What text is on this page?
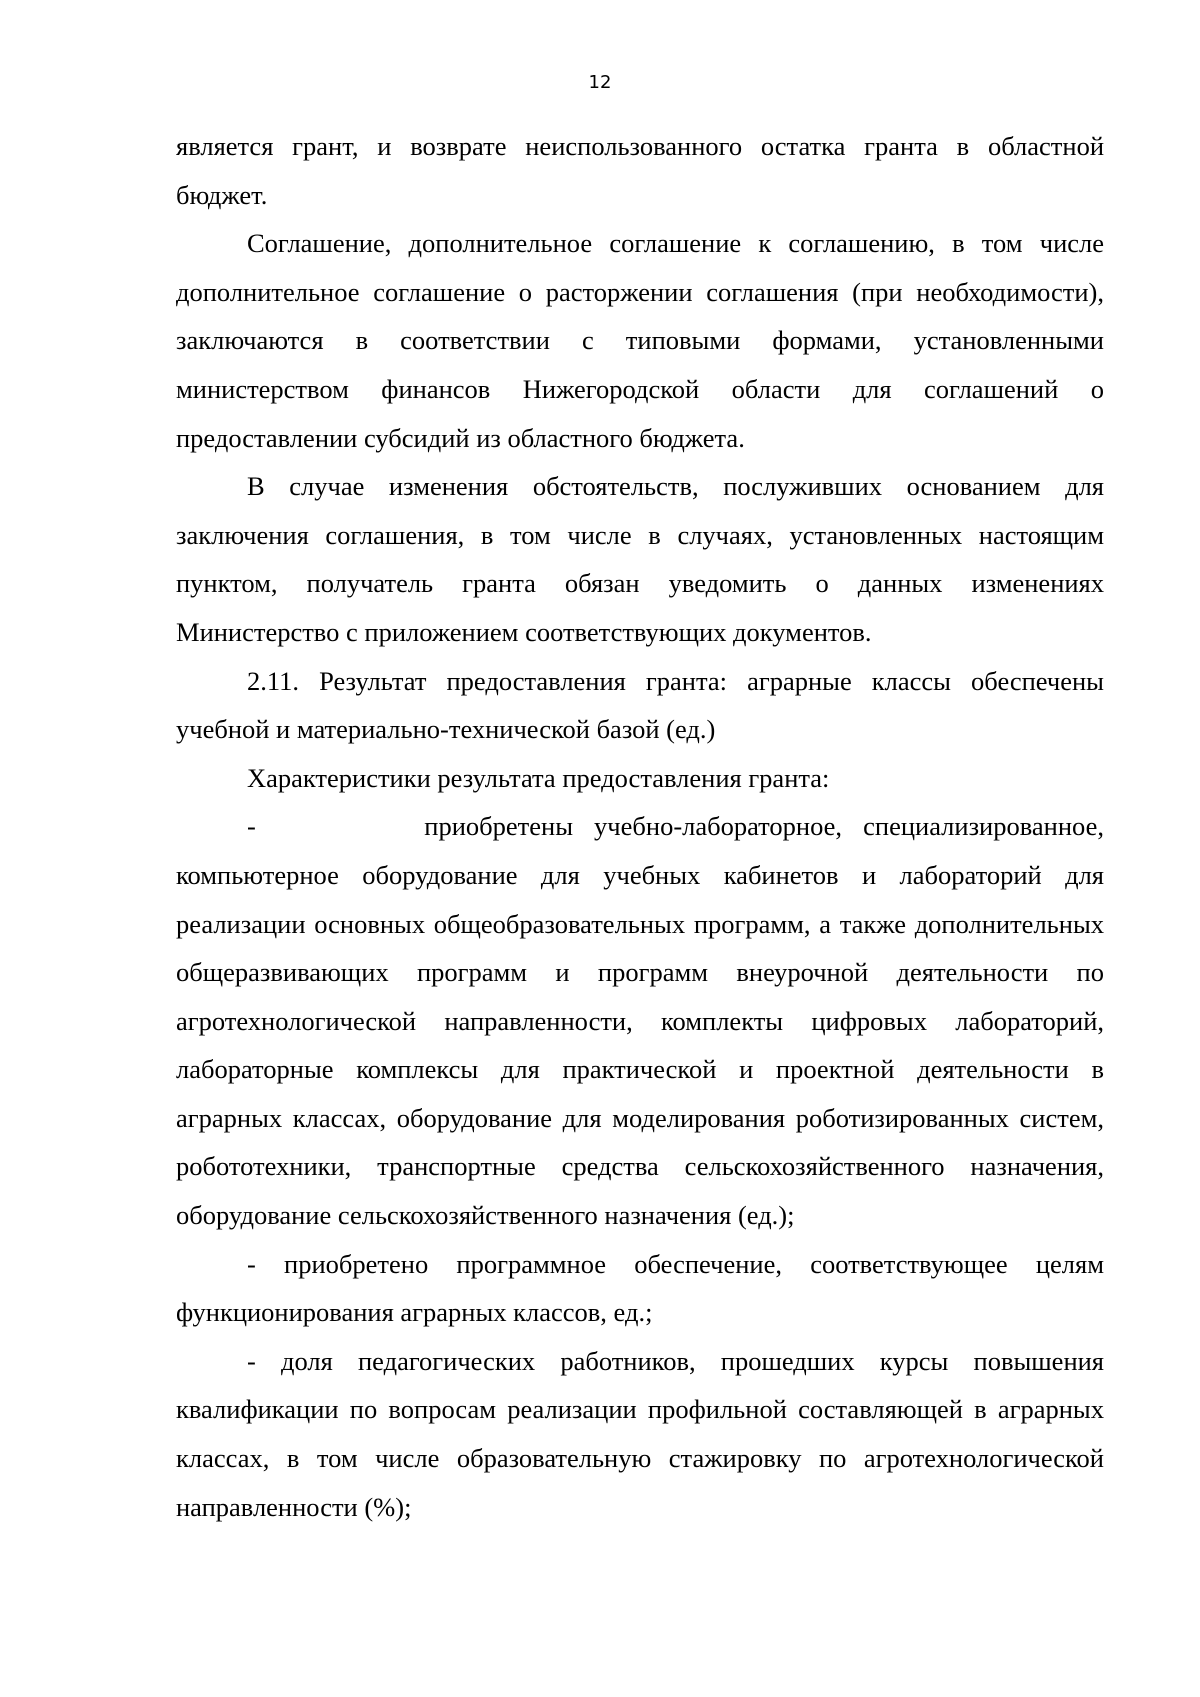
12

является грант, и возврате неиспользованного остатка гранта в областной бюджет.

Соглашение, дополнительное соглашение к соглашению, в том числе дополнительное соглашение о расторжении соглашения (при необходимости), заключаются в соответствии с типовыми формами, установленными министерством финансов Нижегородской области для соглашений о предоставлении субсидий из областного бюджета.

В случае изменения обстоятельств, послуживших основанием для заключения соглашения, в том числе в случаях, установленных настоящим пунктом, получатель гранта обязан уведомить о данных изменениях Министерство с приложением соответствующих документов.

2.11. Результат предоставления гранта: аграрные классы обеспечены учебной и материально-технической базой (ед.)

Характеристики результата предоставления гранта:

-        приобретены учебно-лабораторное, специализированное, компьютерное оборудование для учебных кабинетов и лабораторий для реализации основных общеобразовательных программ, а также дополнительных общеразвивающих программ и программ внеурочной деятельности по агротехнологической направленности, комплекты цифровых лабораторий, лабораторные комплексы для практической и проектной деятельности в аграрных классах, оборудование для моделирования роботизированных систем, робототехники, транспортные средства сельскохозяйственного назначения, оборудование сельскохозяйственного назначения (ед.);

- приобретено программное обеспечение, соответствующее целям функционирования аграрных классов, ед.;

- доля педагогических работников, прошедших курсы повышения квалификации по вопросам реализации профильной составляющей в аграрных классах, в том числе образовательную стажировку по агротехнологической направленности (%);
